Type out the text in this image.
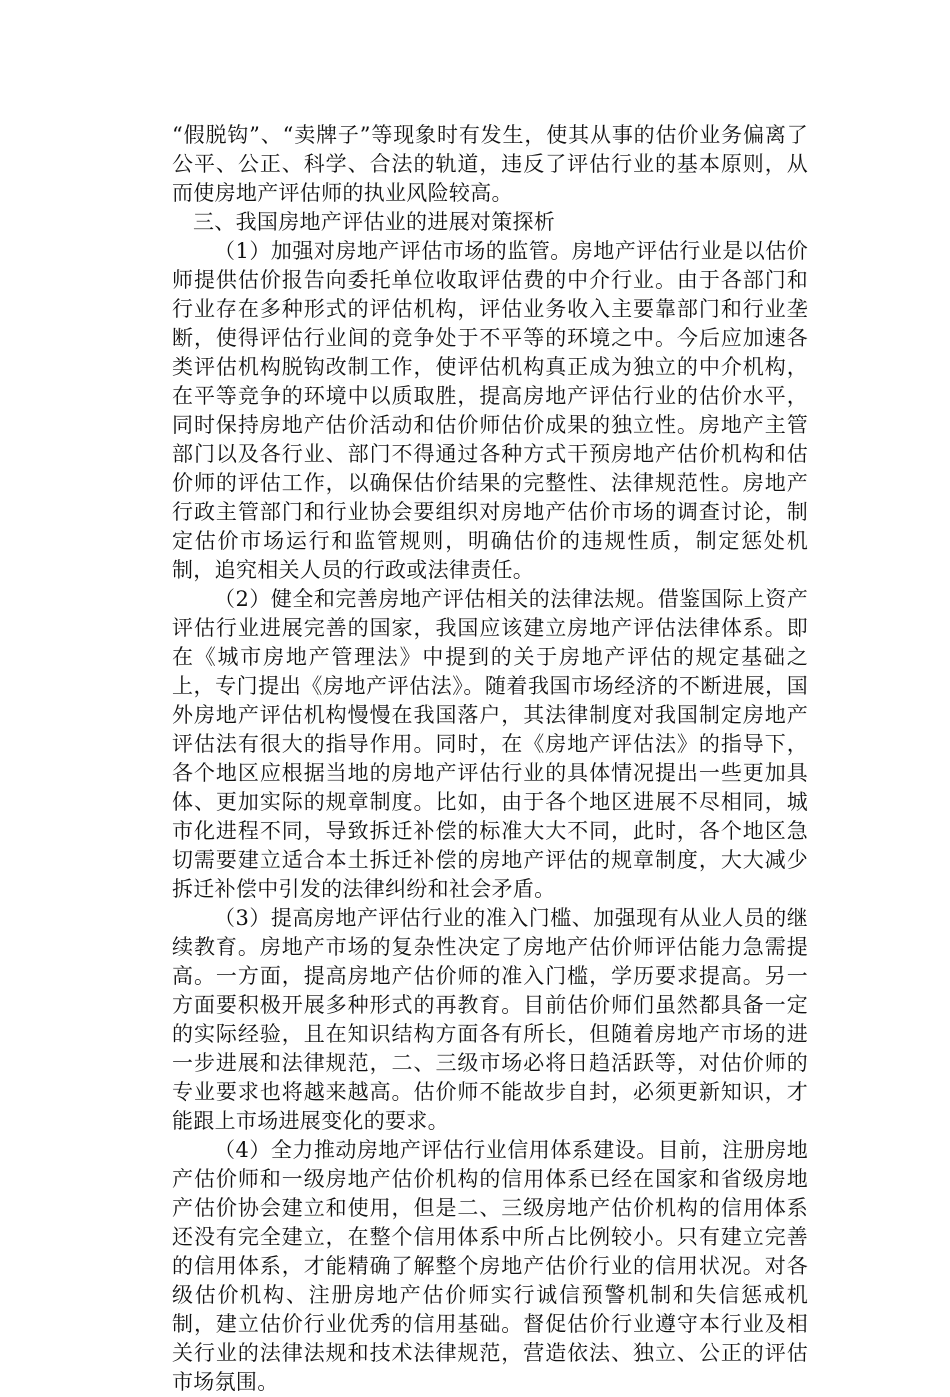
“假脱钩”、“卖牌子”等现象时有发生，使其从事的估价业务偏离了公平、公正、科学、合法的轨道，违反了评估行业的基本原则，从而使房地产评估师的执业风险较高。

三、我国房地产评估业的进展对策探析

（1）加强对房地产评估市场的监管。房地产评估行业是以估价师提供估价报告向委托单位收取评估费的中介行业。由于各部门和行业存在多种形式的评估机构，评估业务收入主要靠部门和行业垄断，使得评估行业间的竞争处于不平等的环境之中。今后应加速各类评估机构脱钩改制工作，使评估机构真正成为独立的中介机构，在平等竞争的环境中以质取胜，提高房地产评估行业的估价水平，同时保持房地产估价活动和估价师估价成果的独立性。房地产主管部门以及各行业、部门不得通过各种方式干预房地产估价机构和估价师的评估工作，以确保估价结果的完整性、法律规范性。房地产行政主管部门和行业协会要组织对房地产估价市场的调查讨论，制定估价市场运行和监管规则，明确估价的违规性质，制定惩处机制，追究相关人员的行政或法律责任。

（2）健全和完善房地产评估相关的法律法规。借鉴国际上资产评估行业进展完善的国家，我国应该建立房地产评估法律体系。即在《城市房地产管理法》中提到的关于房地产评估的规定基础之上，专门提出《房地产评估法》。随着我国市场经济的不断进展，国外房地产评估机构慢慢在我国落户，其法律制度对我国制定房地产评估法有很大的指导作用。同时，在《房地产评估法》的指导下，各个地区应根据当地的房地产评估行业的具体情况提出一些更加具体、更加实际的规章制度。比如，由于各个地区进展不尽相同，城市化进程不同，导致拆迁补偿的标准大大不同，此时，各个地区急切需要建立适合本土拆迁补偿的房地产评估的规章制度，大大减少拆迁补偿中引发的法律纠纷和社会矛盾。

（3）提高房地产评估行业的准入门槛、加强现有从业人员的继续教育。房地产市场的复杂性决定了房地产估价师评估能力急需提高。一方面，提高房地产估价师的准入门槛，学历要求提高。另一方面要积极开展多种形式的再教育。目前估价师们虽然都具备一定的实际经验，且在知识结构方面各有所长，但随着房地产市场的进一步进展和法律规范，二、三级市场必将日趋活跃等，对估价师的专业要求也将越来越高。估价师不能故步自封，必须更新知识，才能跟上市场进展变化的要求。

（4）全力推动房地产评估行业信用体系建设。目前，注册房地产估价师和一级房地产估价机构的信用体系已经在国家和省级房地产估价协会建立和使用，但是二、三级房地产估价机构的信用体系还没有完全建立，在整个信用体系中所占比例较小。只有建立完善的信用体系，才能精确了解整个房地产估价行业的信用状况。对各级估价机构、注册房地产估价师实行诚信预警机制和失信惩戒机制，建立估价行业优秀的信用基础。督促估价行业遵守本行业及相关行业的法律法规和技术法律规范，营造依法、独立、公正的评估市场氛围。
